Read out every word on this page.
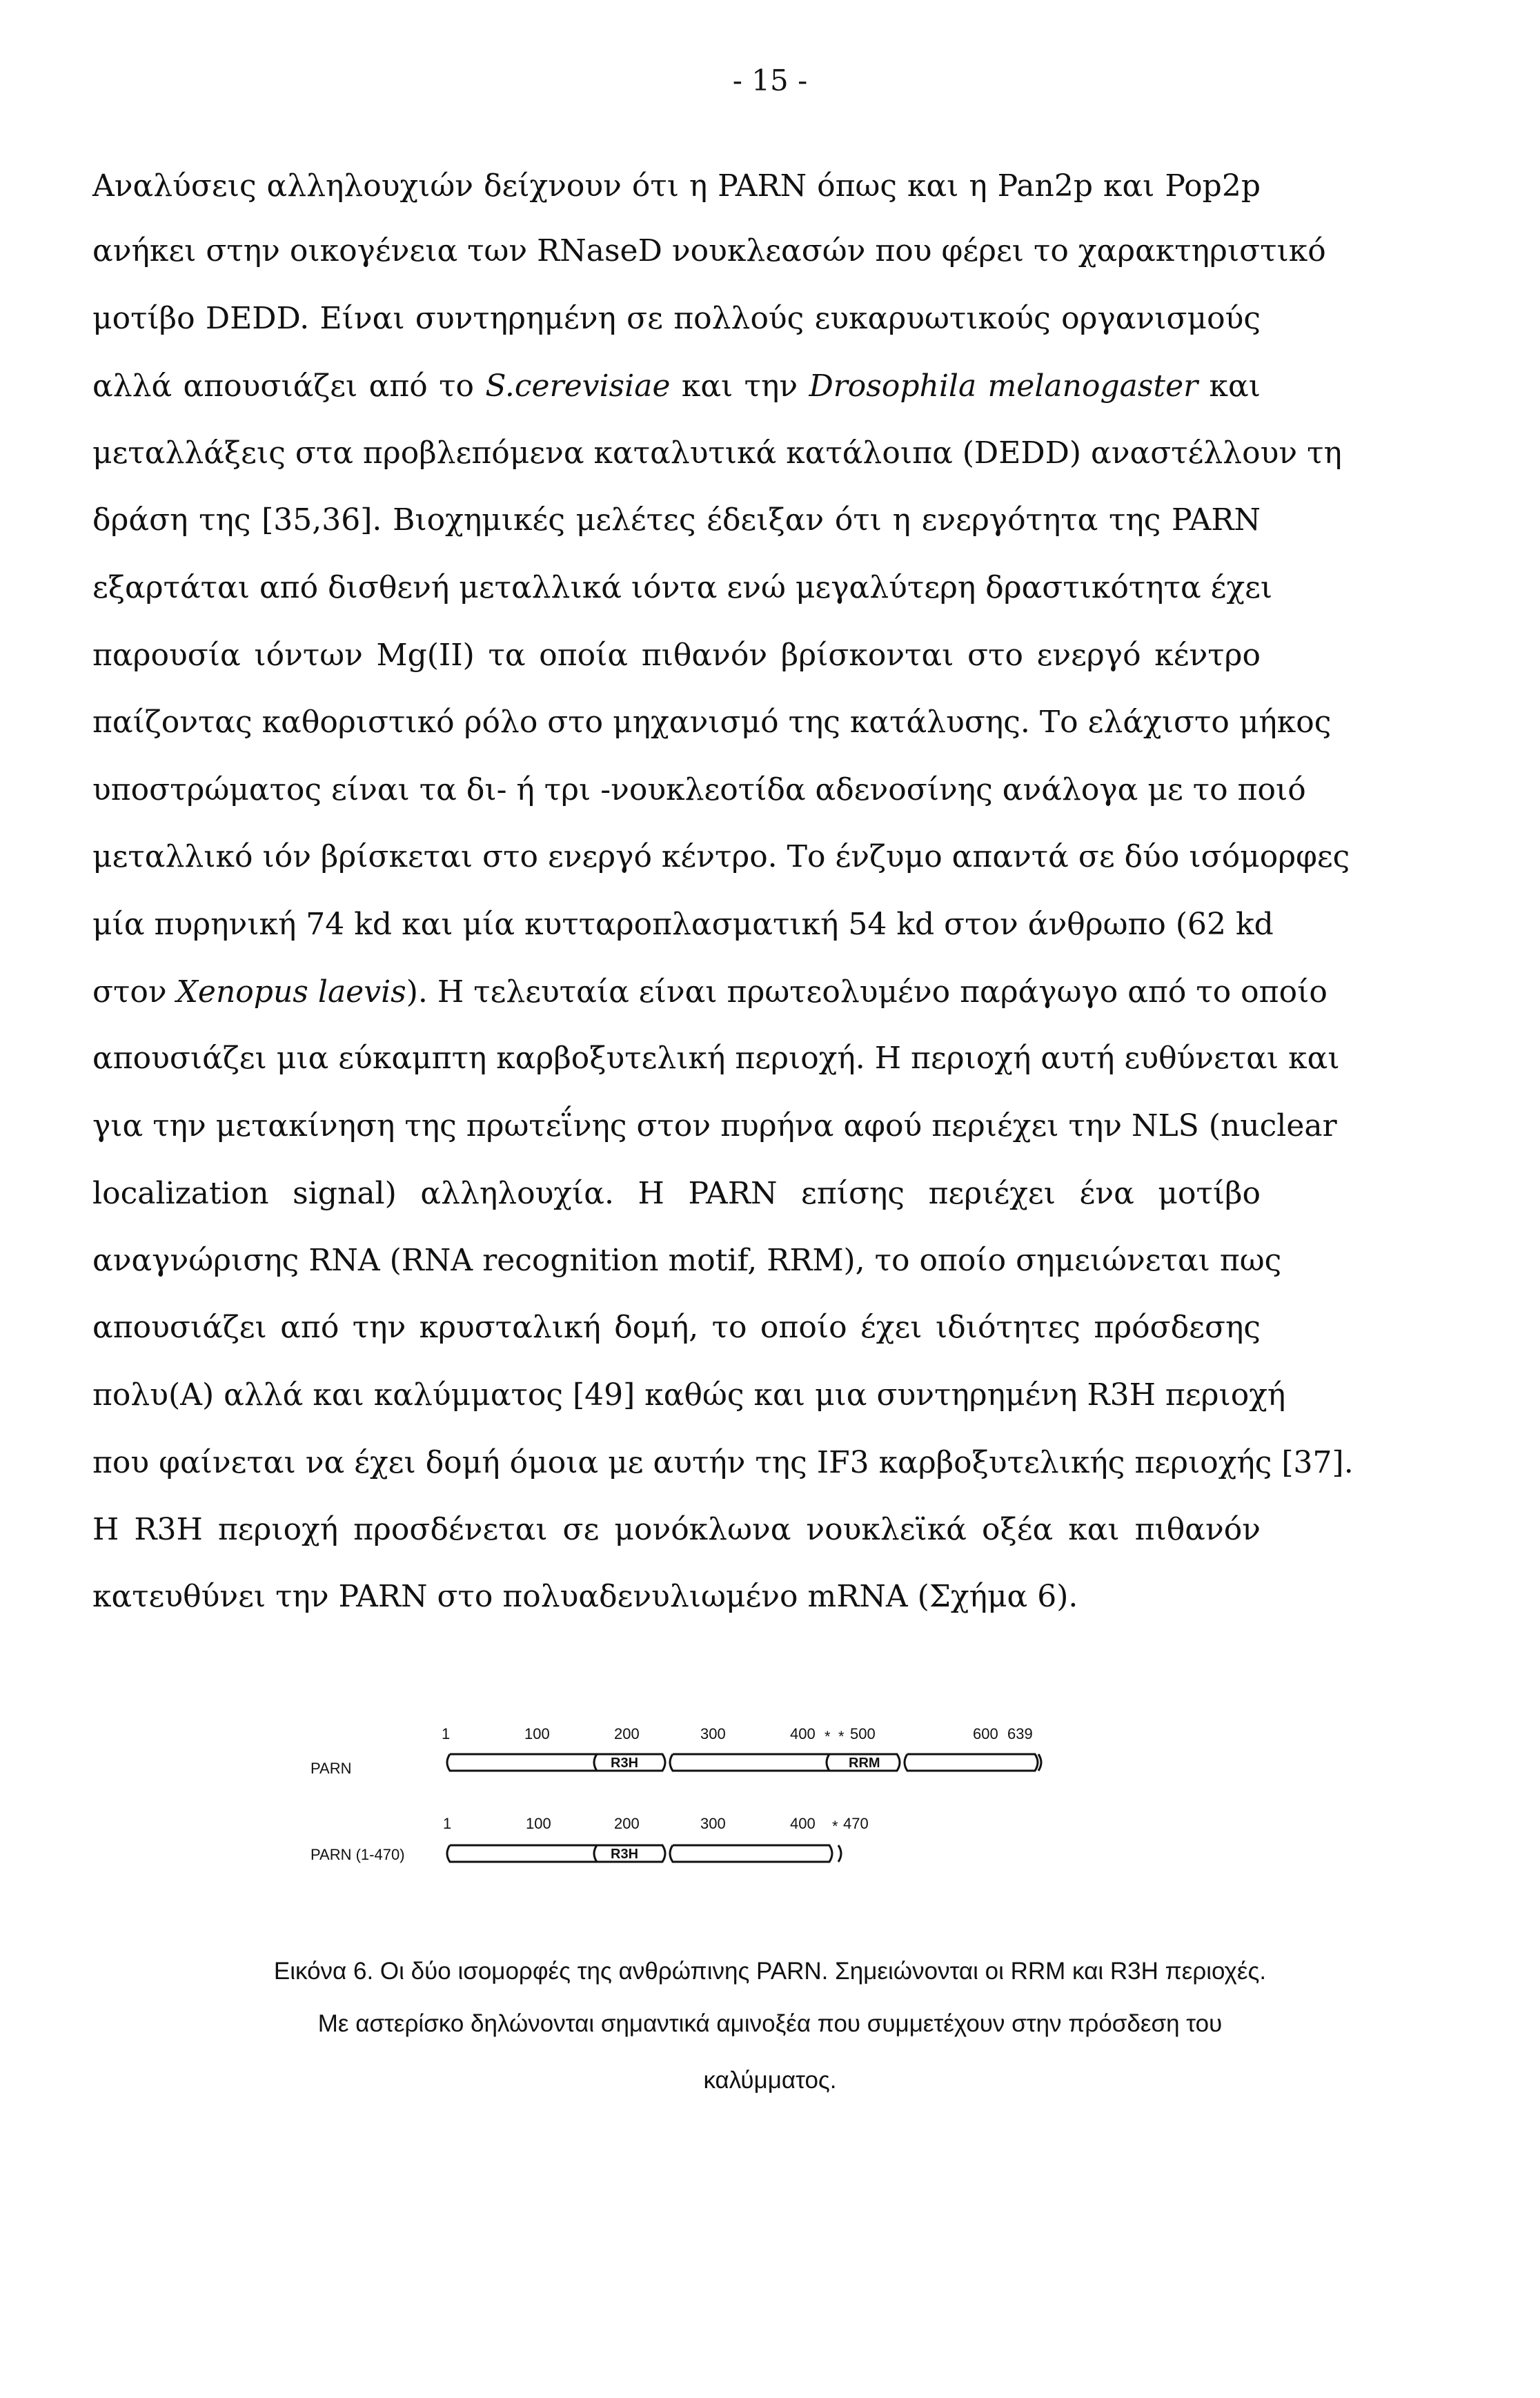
- 15 -
Αναλύσεις αλληλουχιών δείχνουν ότι η PARN όπως και η Pan2p και Pop2p
ανήκει στην οικογένεια των RNaseD νουκλεασών που φέρει το χαρακτηριστικό
μοτίβο DEDD. Είναι συντηρημένη σε πολλούς ευκαρυωτικούς οργανισμούς
αλλά απουσιάζει από το S.cerevisiae και την Drosophila melanogaster και
μεταλλάξεις στα προβλεπόμενα καταλυτικά κατάλοιπα (DEDD) αναστέλλουν τη
δράση της [35,36]. Βιοχημικές μελέτες έδειξαν ότι η ενεργότητα της PARN
εξαρτάται από δισθενή μεταλλικά ιόντα ενώ μεγαλύτερη δραστικότητα έχει
παρουσία ιόντων Mg(II) τα οποία πιθανόν βρίσκονται στο ενεργό κέντρο
παίζοντας καθοριστικό ρόλο στο μηχανισμό της κατάλυσης. Το ελάχιστο μήκος
υποστρώματος είναι τα δι- ή τρι -νουκλεοτίδα αδενοσίνης ανάλογα με το ποιό
μεταλλικό ιόν βρίσκεται στο ενεργό κέντρο. Το ένζυμο απαντά σε δύο ισόμορφες
μία πυρηνική 74 kd και μία κυτταροπλασματική 54 kd στον άνθρωπο (62 kd
στον Xenopus laevis). Η τελευταία είναι πρωτεολυμένο παράγωγο από το οποίο
απουσιάζει μια εύκαμπτη καρβοξυτελική περιοχή. Η περιοχή αυτή ευθύνεται και
για την μετακίνηση της πρωτεΐνης στον πυρήνα αφού περιέχει την NLS (nuclear
localization signal) αλληλουχία. Η PARN επίσης περιέχει ένα μοτίβο
αναγνώρισης RNA (RNA recognition motif, RRM), το οποίο σημειώνεται πως
απουσιάζει από την κρυσταλική δομή, το οποίο έχει ιδιότητες πρόσδεσης
πολυ(Α) αλλά και καλύμματος [49] καθώς και μια συντηρημένη R3H περιοχή
που φαίνεται να έχει δομή όμοια με αυτήν της IF3 καρβοξυτελικής περιοχής [37].
Η R3H περιοχή προσδένεται σε μονόκλωνα νουκλεϊκά οξέα και πιθανόν
κατευθύνει την PARN στο πολυαδενυλιωμένο mRNA (Σχήμα 6).
1	100	200	300	400 * * 500	600 639
PARN
1	100	200	300	400 * 470
PARN (1-470)
R3H	RRM
R3H
Εικόνα 6. Οι δύο ισομορφές της ανθρώπινης PARN. Σημειώνονται οι RRM και R3H περιοχές.
Με αστερίσκο δηλώνονται σημαντικά αμινοξέα που συμμετέχουν στην πρόσδεση του
καλύμματος.
